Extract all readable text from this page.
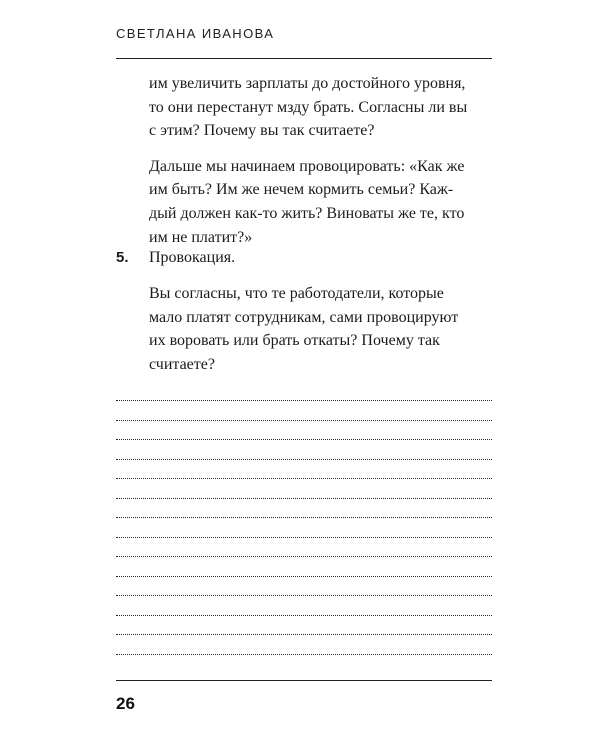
СВЕТЛАНА ИВАНОВА

им увеличить зарплаты до достойного уровня,
то они перестанут мзду брать. Согласны ли вы
с этим? Почему вы так считаете?

Дальше мы начинаем провоцировать: «Как же
им быть? Им же нечем кормить семьи? Каж-
дый должен как-то жить? Виноваты же те, кто
им не платит?»

5. Провокация.

Вы согласны, что те работодатели, которые
мало платят сотрудникам, сами провоцируют
их воровать или брать откаты? Почему так
считаете?

26
